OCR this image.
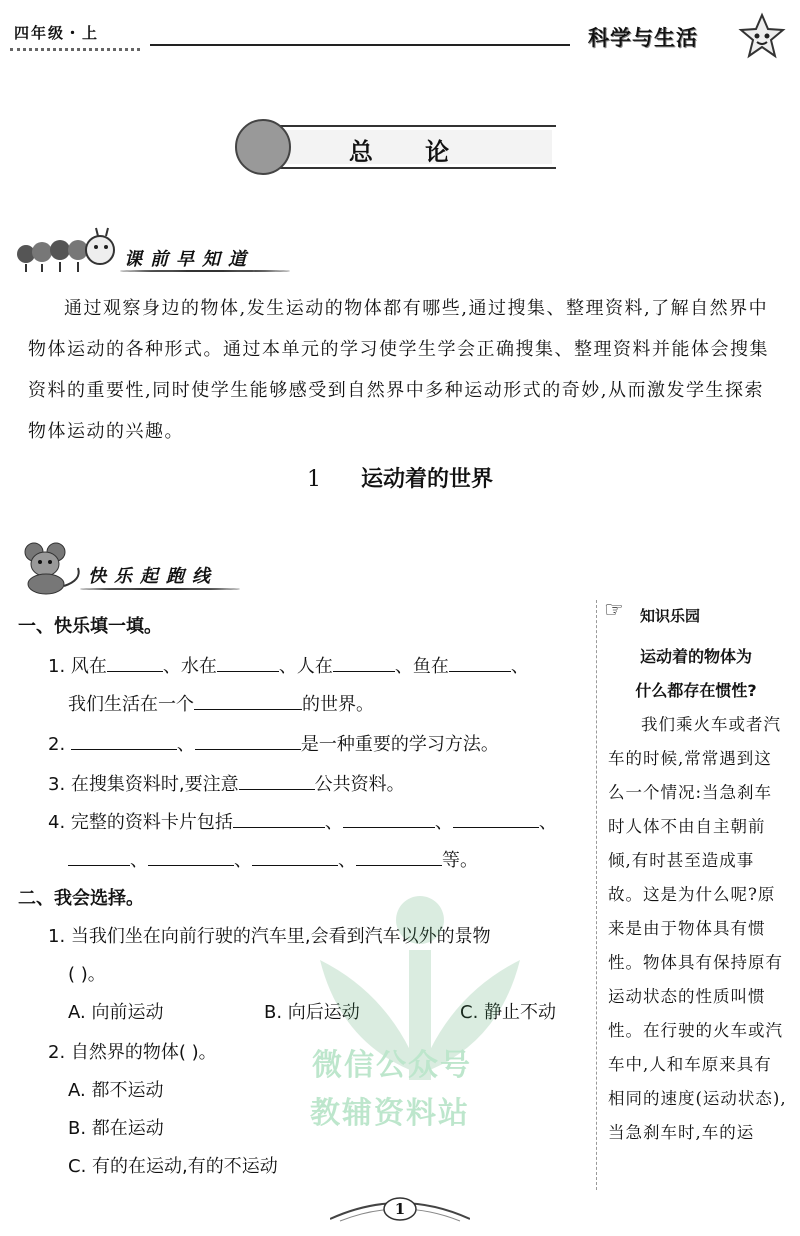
四年级・上	科学与生活
总 论
课前早知道
通过观察身边的物体,发生运动的物体都有哪些,通过搜集、整理资料,了解自然界中物体运动的各种形式。通过本单元的学习使学生学会正确搜集、整理资料并能体会搜集资料的重要性,同时使学生能够感受到自然界中多种运动形式的奇妙,从而激发学生探索物体运动的兴趣。
1 运动着的世界
快乐起跑线
一、快乐填一填。
1. 风在	、水在	、人在	、鱼在	、
我们生活在一个	的世界。
2.	、	是一种重要的学习方法。
3. 在搜集资料时,要注意	公共资料。
4. 完整的资料卡片包括	、	、	、
、	、	、	等。
二、我会选择。
1. 当我们坐在向前行驶的汽车里,会看到汽车以外的景物
( )。
A. 向前运动	B. 向后运动	C. 静止不动
2. 自然界的物体( )。
A. 都不运动
B. 都在运动
C. 有的在运动,有的不运动
微信公众号
教辅资料站
☞ 知识乐园
运动着的物体为
什么都存在惯性?
我们乘火车或者汽车的时候,常常遇到这么一个情况:当急刹车时人体不由自主朝前倾,有时甚至造成事故。这是为什么呢?原来是由于物体具有惯性。物体具有保持原有运动状态的性质叫惯性。在行驶的火车或汽车中,人和车原来具有相同的速度(运动状态),当急刹车时,车的运
1
